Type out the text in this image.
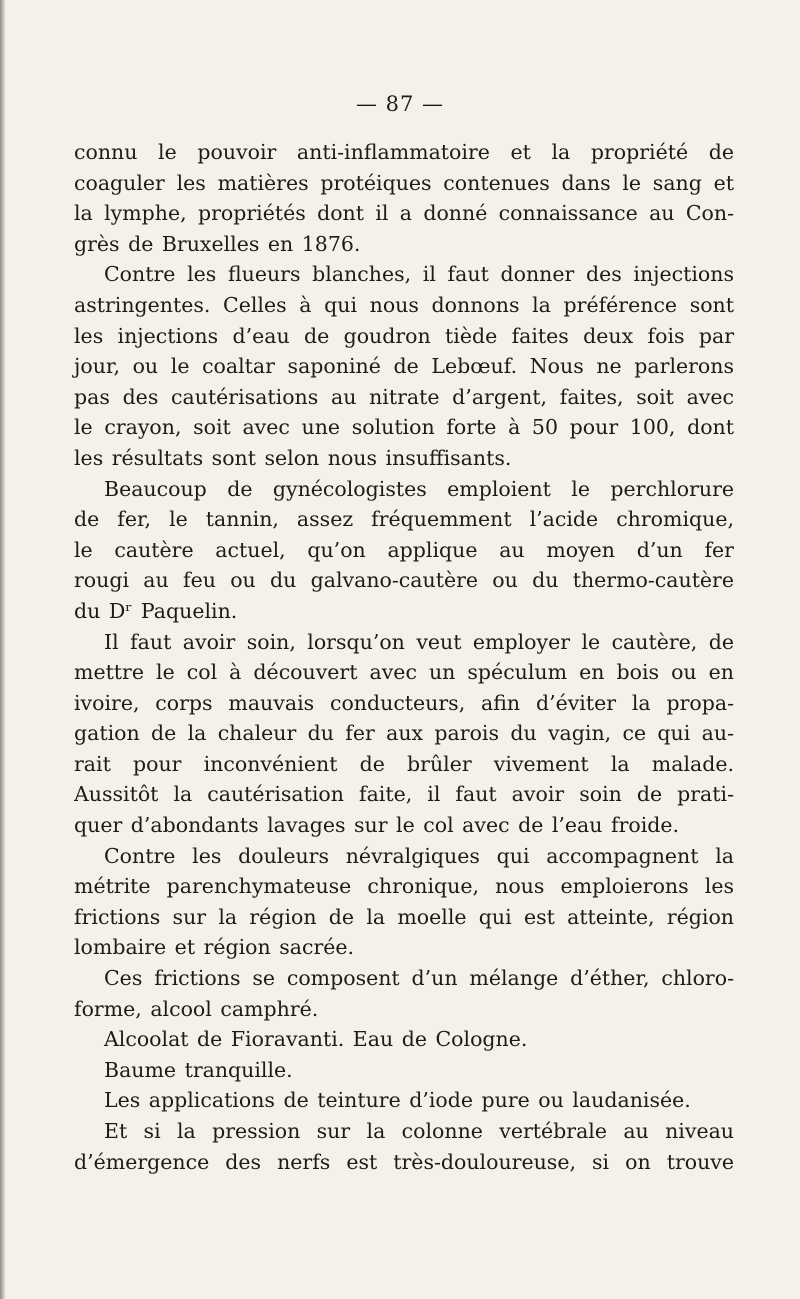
— 87 —
connu le pouvoir anti-inflammatoire et la propriété de
coaguler les matières protéiques contenues dans le sang et
la lymphe, propriétés dont il a donné connaissance au Con-
grès de Bruxelles en 1876.
Contre les flueurs blanches, il faut donner des injections
astringentes. Celles à qui nous donnons la préférence sont
les injections d’eau de goudron tiède faites deux fois par
jour, ou le coaltar saponiné de Lebœuf. Nous ne parlerons
pas des cautérisations au nitrate d’argent, faites, soit avec
le crayon, soit avec une solution forte à 50 pour 100, dont
les résultats sont selon nous insuffisants.
Beaucoup de gynécologistes emploient le perchlorure
de fer, le tannin, assez fréquemment l’acide chromique,
le cautère actuel, qu’on applique au moyen d’un fer
rougi au feu ou du galvano-cautère ou du thermo-cautère
du Dʳ Paquelin.
Il faut avoir soin, lorsqu’on veut employer le cautère, de
mettre le col à découvert avec un spéculum en bois ou en
ivoire, corps mauvais conducteurs, afin d’éviter la propa-
gation de la chaleur du fer aux parois du vagin, ce qui au-
rait pour inconvénient de brûler vivement la malade.
Aussitôt la cautérisation faite, il faut avoir soin de prati-
quer d’abondants lavages sur le col avec de l’eau froide.
Contre les douleurs névralgiques qui accompagnent la
métrite parenchymateuse chronique, nous emploierons les
frictions sur la région de la moelle qui est atteinte, région
lombaire et région sacrée.
Ces frictions se composent d’un mélange d’éther, chloro-
forme, alcool camphré.
Alcoolat de Fioravanti. Eau de Cologne.
Baume tranquille.
Les applications de teinture d’iode pure ou laudanisée.
Et si la pression sur la colonne vertébrale au niveau
d’émergence des nerfs est très-douloureuse, si on trouve
